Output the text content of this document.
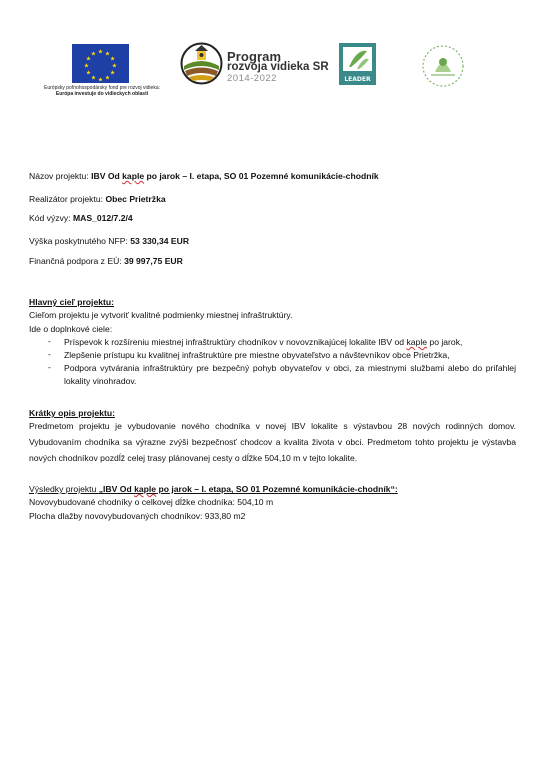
★ ★
★
★
★
★
★
★
★
★
★
★
Európsky poľnohospodársky fond pre rozvoj vidieka:
Európa investuje do vidieckych oblastí
Program
rozvoja vidieka SR
2014-2022	LEADER
Názov projektu: IBV Od kaple po jarok – I. etapa, SO 01 Pozemné komunikácie-chodník
Realizátor projektu: Obec Prietržka
Kód výzvy: MAS_012/7.2/4
Výška poskytnutého NFP: 53 330,34 EUR
Finančná podpora z EÚ: 39 997,75 EUR
Hlavný cieľ projektu:
Cieľom projektu je vytvoriť kvalitné podmienky miestnej infraštruktúry.
Ide o doplnkové ciele:
- Príspevok k rozšíreniu miestnej infraštruktúry chodníkov v novovznikajúcej lokalite IBV od kaple po jarok,
- Zlepšenie prístupu ku kvalitnej infraštruktúre pre miestne obyvateľstvo a návštevníkov obce Prietržka,
- Podpora vytvárania infraštruktúry pre bezpečný pohyb obyvateľov v obci, za miestnymi službami alebo do priľahlej lokality vinohradov.
Krátky opis projektu:
Predmetom projektu je vybudovanie nového chodníka v novej IBV lokalite s výstavbou 28 nových rodinných domov. Vybudovaním chodníka sa výrazne zvýši bezpečnosť chodcov a kvalita života v obci. Predmetom tohto projektu je výstavba nových chodníkov pozdĺž celej trasy plánovanej cesty o dĺžke 504,10 m v tejto lokalite.
Výsledky projektu „IBV Od kaple po jarok – I. etapa, SO 01 Pozemné komunikácie-chodník“:
Novovybudované chodníky o celkovej dĺžke chodníka: 504,10 m
Plocha dlažby novovybudovaných chodníkov: 933,80 m2
